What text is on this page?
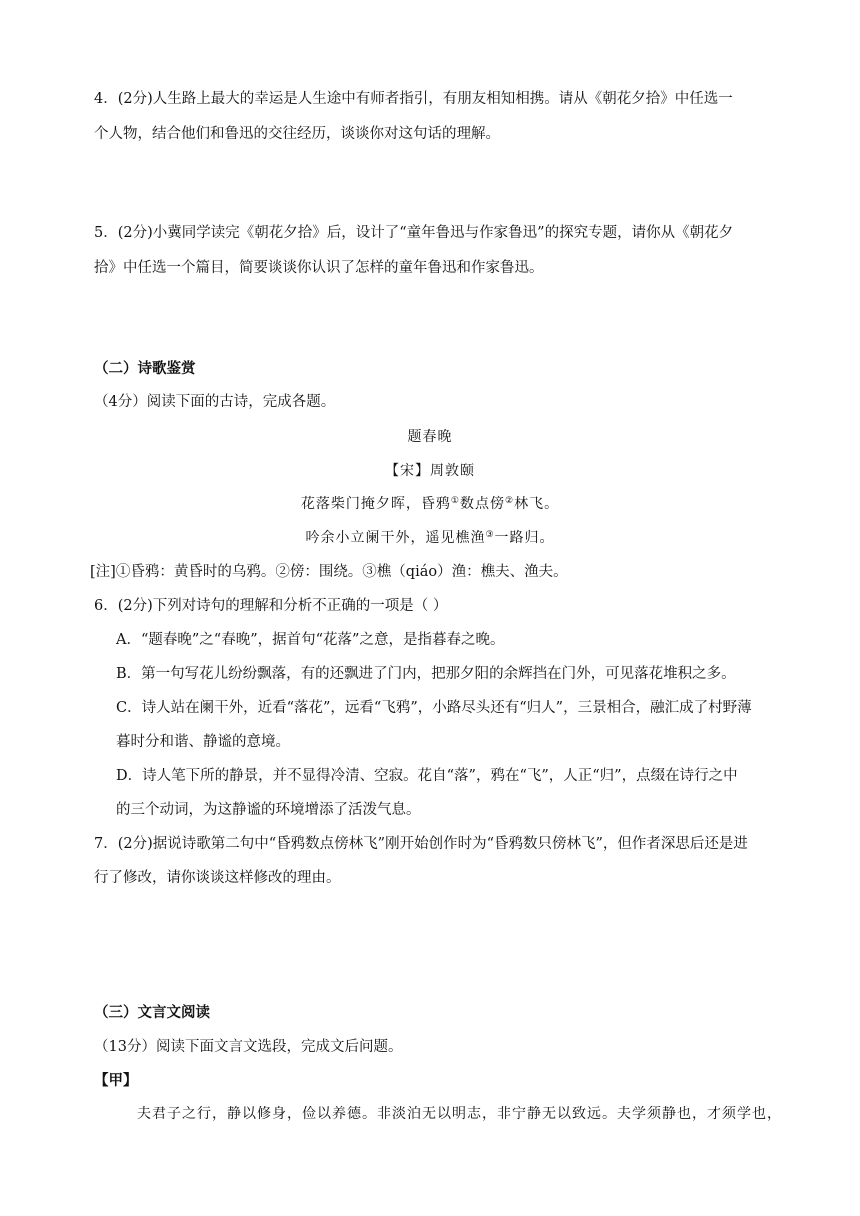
4．(2分)人生路上最大的幸运是人生途中有师者指引，有朋友相知相携。请从《朝花夕拾》中任选一
个人物，结合他们和鲁迅的交往经历，谈谈你对这句话的理解。
5．(2分)小冀同学读完《朝花夕拾》后，设计了“童年鲁迅与作家鲁迅”的探究专题，请你从《朝花夕
拾》中任选一个篇目，简要谈谈你认识了怎样的童年鲁迅和作家鲁迅。
（二）诗歌鉴赏
（4分）阅读下面的古诗，完成各题。
题春晚
【宋】周敦颐
花落柴门掩夕晖，昏鸦①数点傍②林飞。
吟余小立阑干外，遥见樵渔③一路归。
[注]①昏鸦：黄昏时的乌鸦。②傍：围绕。③樵（qiáo）渔：樵夫、渔夫。
6．(2分)下列对诗句的理解和分析不正确的一项是（ ）
A．“题春晚”之“春晚”，据首句“花落”之意，是指暮春之晚。
B．第一句写花儿纷纷飘落，有的还飘进了门内，把那夕阳的余辉挡在门外，可见落花堆积之多。
C．诗人站在阑干外，近看“落花”，远看“飞鸦”，小路尽头还有“归人”，三景相合，融汇成了村野薄
暮时分和谐、静谧的意境。
D．诗人笔下所的静景，并不显得冷清、空寂。花自“落”，鸦在“飞”，人正“归”，点缀在诗行之中
的三个动词，为这静谧的环境增添了活泼气息。
7．(2分)据说诗歌第二句中“昏鸦数点傍林飞”刚开始创作时为“昏鸦数只傍林飞”，但作者深思后还是进
行了修改，请你谈谈这样修改的理由。
（三）文言文阅读
（13分）阅读下面文言文选段，完成文后问题。
【甲】
夫君子之行，静以修身，俭以养德。非淡泊无以明志，非宁静无以致远。夫学须静也，才须学也，
